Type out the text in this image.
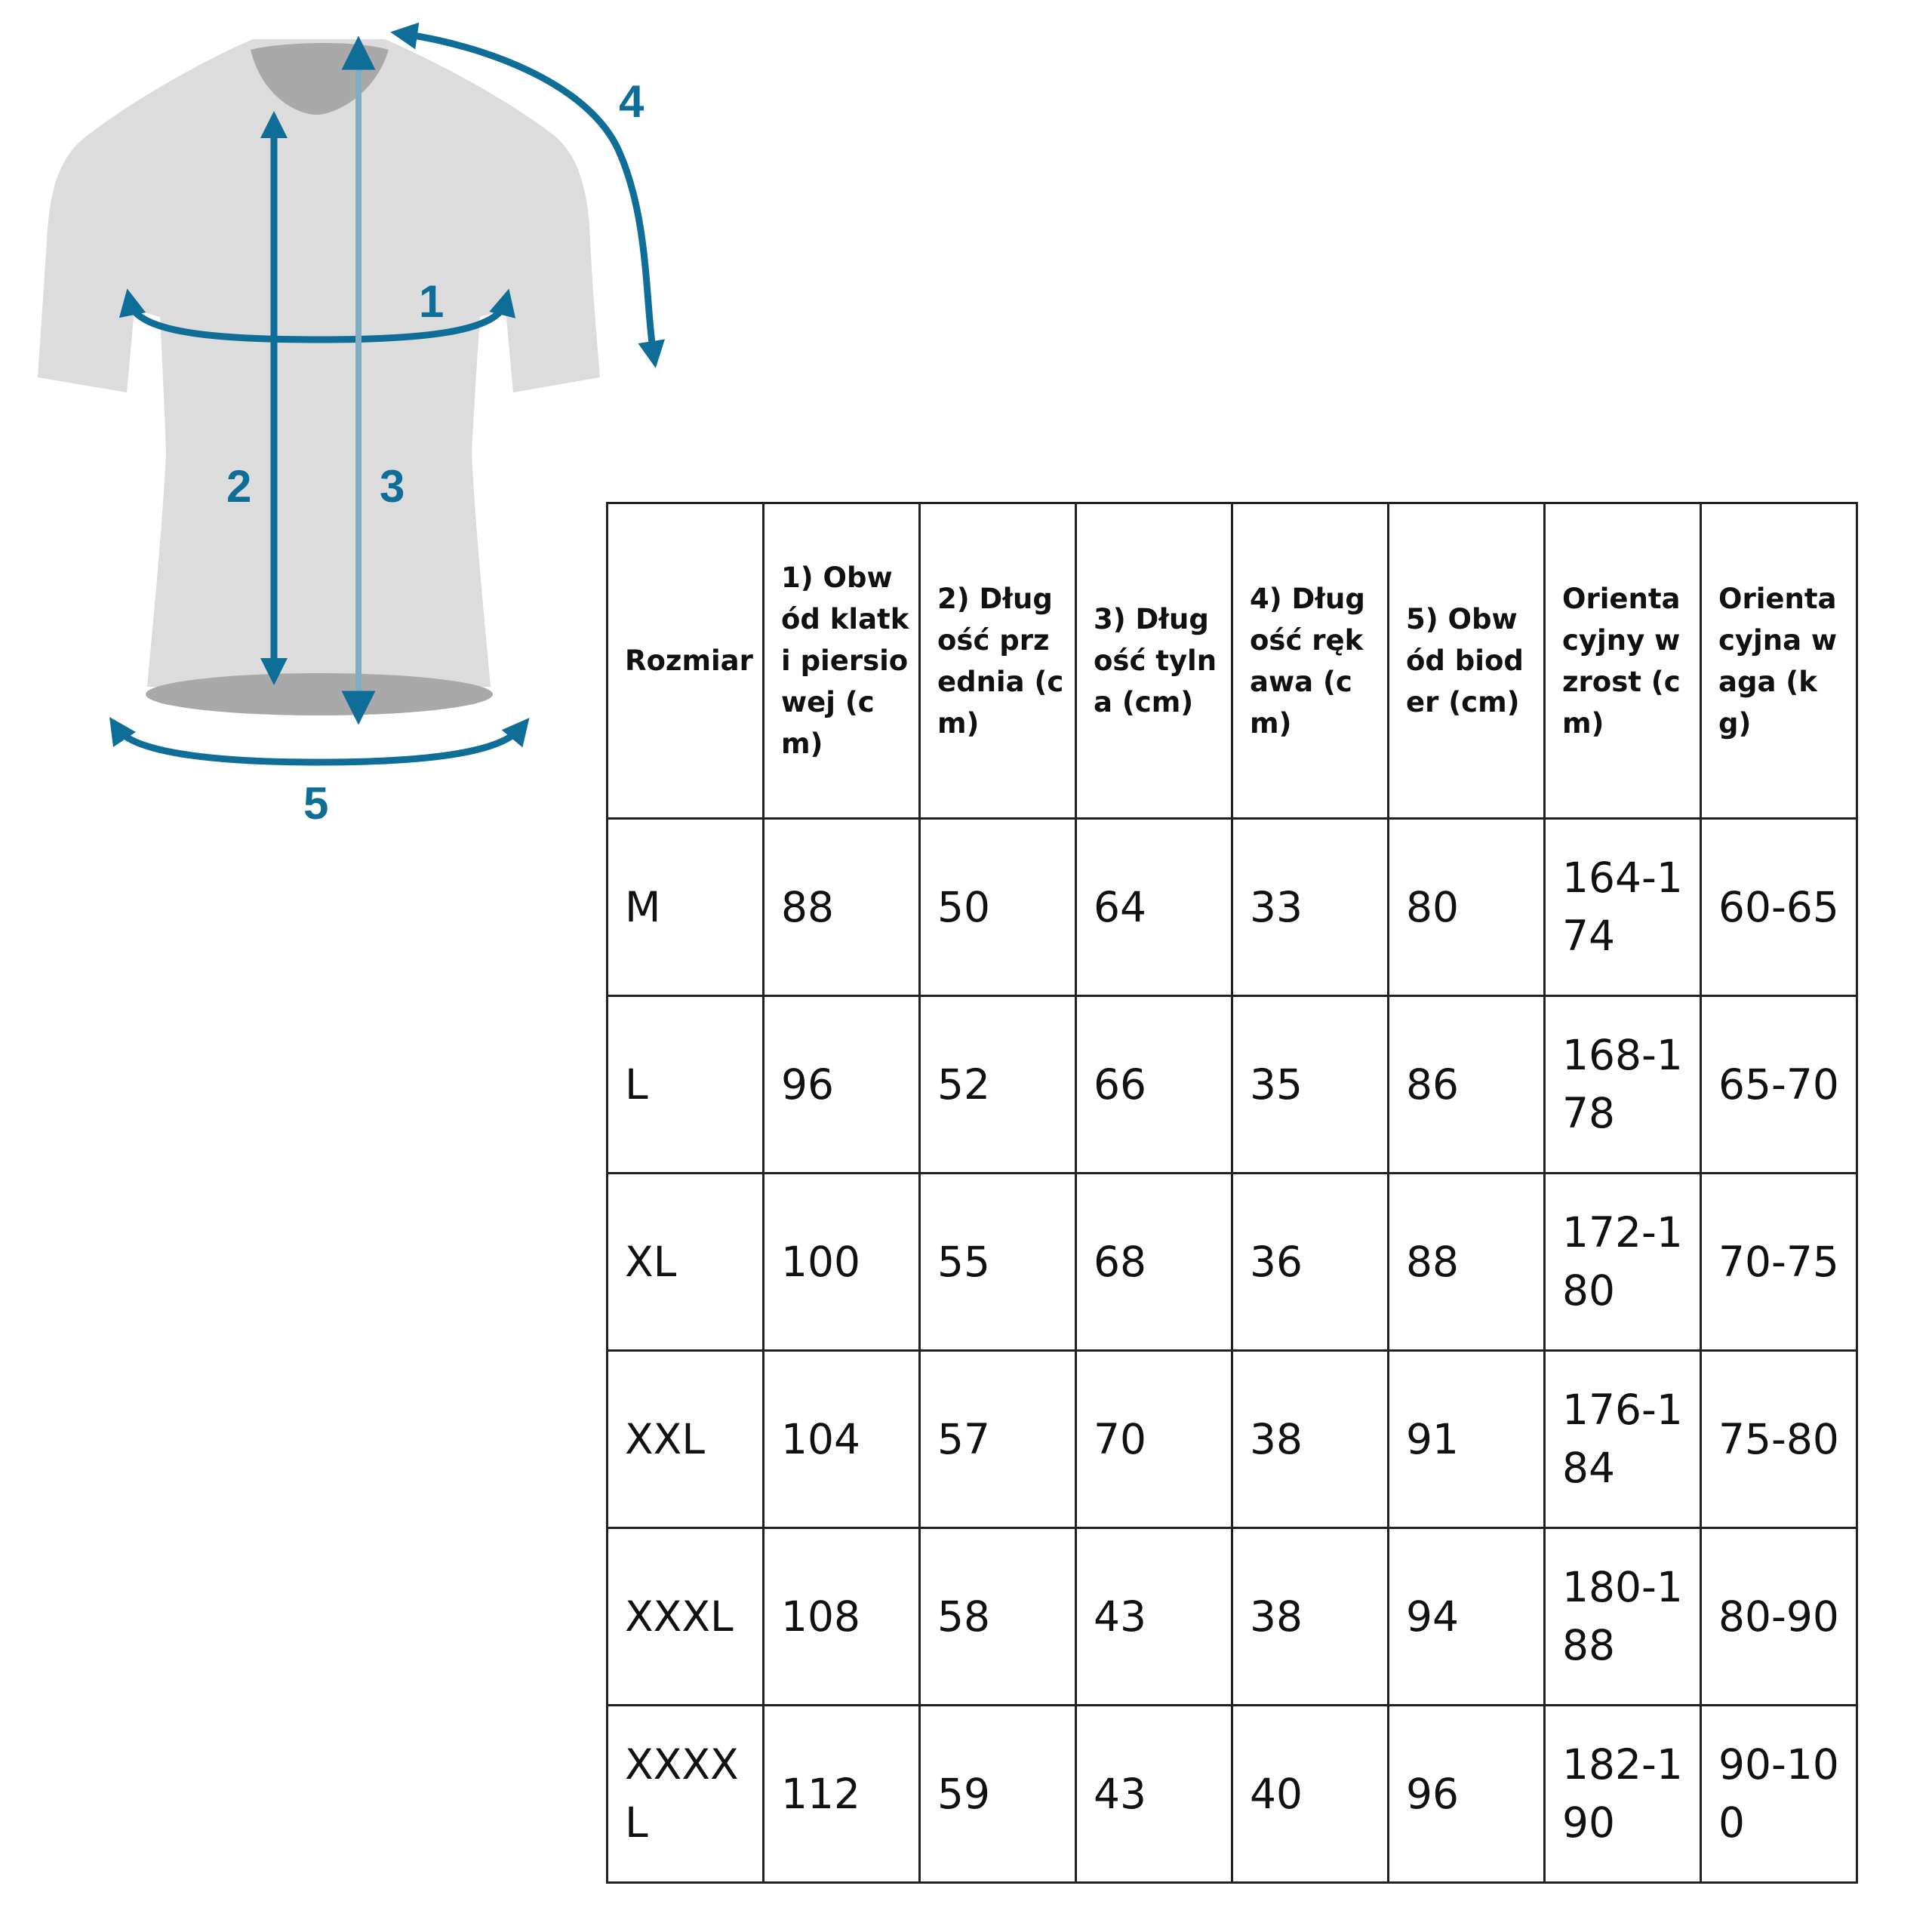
1
2	3
4
5
Rozmiar	1) Obwód klatki piersiowej (cm)	2) Długość przednia (cm)	3) Długość tylna (cm)	4) Długość rękawa (cm)	5) Obwód bioder (cm)	Orientacyjny wzrost (cm)	Orientacyjna waga (kg)
M	88	50	64	33	80	164-174	60-65
L	96	52	66	35	86	168-178	65-70
XL	100	55	68	36	88	172-180	70-75
XXL	104	57	70	38	91	176-184	75-80
XXXL	108	58	43	38	94	180-188	80-90
XXXXL	112	59	43	40	96	182-190	90-100
